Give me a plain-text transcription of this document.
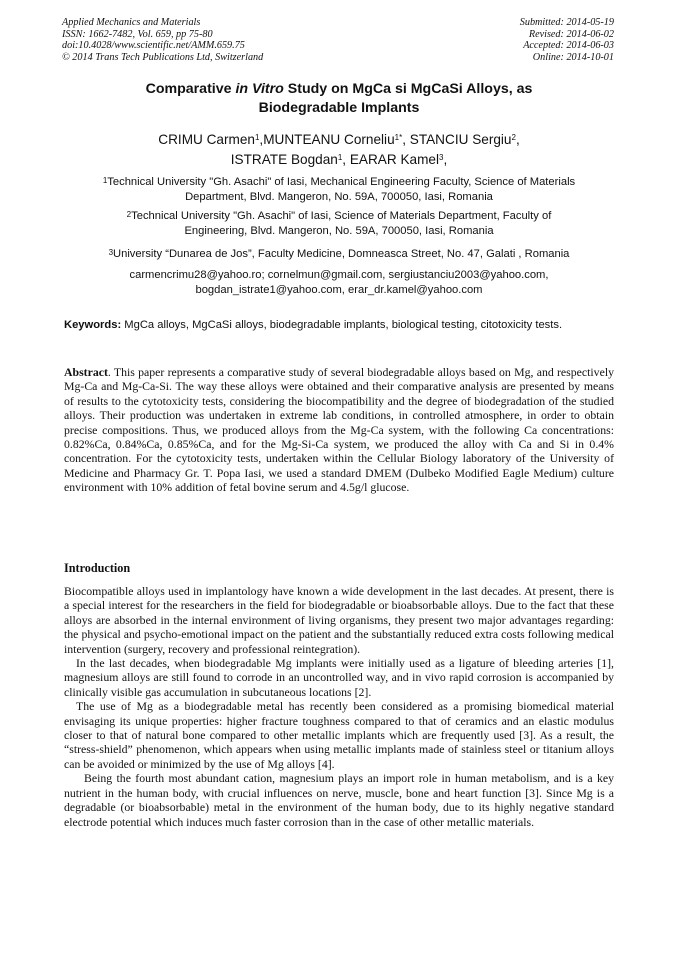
Applied Mechanics and Materials
ISSN: 1662-7482, Vol. 659, pp 75-80
doi:10.4028/www.scientific.net/AMM.659.75
© 2014 Trans Tech Publications Ltd, Switzerland
Submitted: 2014-05-19
Revised: 2014-06-02
Accepted: 2014-06-03
Online: 2014-10-01
Comparative in Vitro Study on MgCa si MgCaSi Alloys, as
Biodegradable Implants
CRIMU Carmen$^1$,MUNTEANU Corneliu$^{1*}$, STANCIU Sergiu$^2$,
ISTRATE Bogdan$^1$, EARAR Kamel$^3$,
$^1$Technical University "Gh. Asachi" of Iasi, Mechanical Engineering Faculty, Science of Materials
Department, Blvd. Mangeron, No. 59A, 700050, Iasi, Romania
$^2$Technical University "Gh. Asachi" of Iasi, Science of Materials Department, Faculty of
Engineering, Blvd. Mangeron, No. 59A, 700050, Iasi, Romania
$^3$University “Dunarea de Jos”, Faculty Medicine, Domneasca Street, No. 47, Galati , Romania
carmencrimu28@yahoo.ro; cornelmun@gmail.com, sergiustanciu2003@yahoo.com,
bogdan_istrate1@yahoo.com, erar_dr.kamel@yahoo.com
Keywords: MgCa alloys, MgCaSi alloys, biodegradable implants, biological testing, citotoxicity tests.
Abstract. This paper represents a comparative study of several biodegradable alloys based on Mg, and respectively Mg-Ca and Mg-Ca-Si. The way these alloys were obtained and their comparative analysis are presented by means of results to the cytotoxicity tests, considering the biocompatibility and the degree of biodegradation of the studied alloys. Their production was undertaken in extreme lab conditions, in controlled atmosphere, in order to obtain precise compositions. Thus, we produced alloys from the Mg-Ca system, with the following Ca concentrations: 0.82%Ca, 0.84%Ca, 0.85%Ca, and for the Mg-Si-Ca system, we produced the alloy with Ca and Si in 0.4% concentration. For the cytotoxicity tests, undertaken within the Cellular Biology laboratory of the University of Medicine and Pharmacy Gr. T. Popa Iasi, we used a standard DMEM (Dulbeko Modified Eagle Medium) culture environment with 10% addition of fetal bovine serum and 4.5g/l glucose.
Introduction

Biocompatible alloys used in implantology have known a wide development in the last decades. At present, there is a special interest for the researchers in the field for biodegradable or bioabsorbable alloys. Due to the fact that these alloys are absorbed in the internal environment of living organisms, they present two major advantages regarding: the physical and psycho-emotional impact on the patient and the substantially reduced extra costs following medical intervention (surgery, recovery and professional reintegration).

In the last decades, when biodegradable Mg implants were initially used as a ligature of bleeding arteries [1], magnesium alloys are still found to corrode in an uncontrolled way, and in vivo rapid corrosion is accompanied by clinically visible gas accumulation in subcutaneous locations [2].

The use of Mg as a biodegradable metal has recently been considered as a promising biomedical material envisaging its unique properties: higher fracture toughness compared to that of ceramics and an elastic modulus closer to that of natural bone compared to other metallic implants which are frequently used [3]. As a result, the “stress-shield” phenomenon, which appears when using metallic implants made of stainless steel or titanium alloys can be avoided or minimized by the use of Mg alloys [4].

Being the fourth most abundant cation, magnesium plays an import role in human metabolism, and is a key nutrient in the human body, with crucial influences on nerve, muscle, bone and heart function [3]. Since Mg is a degradable (or bioabsorbable) metal in the environment of the human body, due to its highly negative standard electrode potential which induces much faster corrosion than in the case of other metallic materials.
